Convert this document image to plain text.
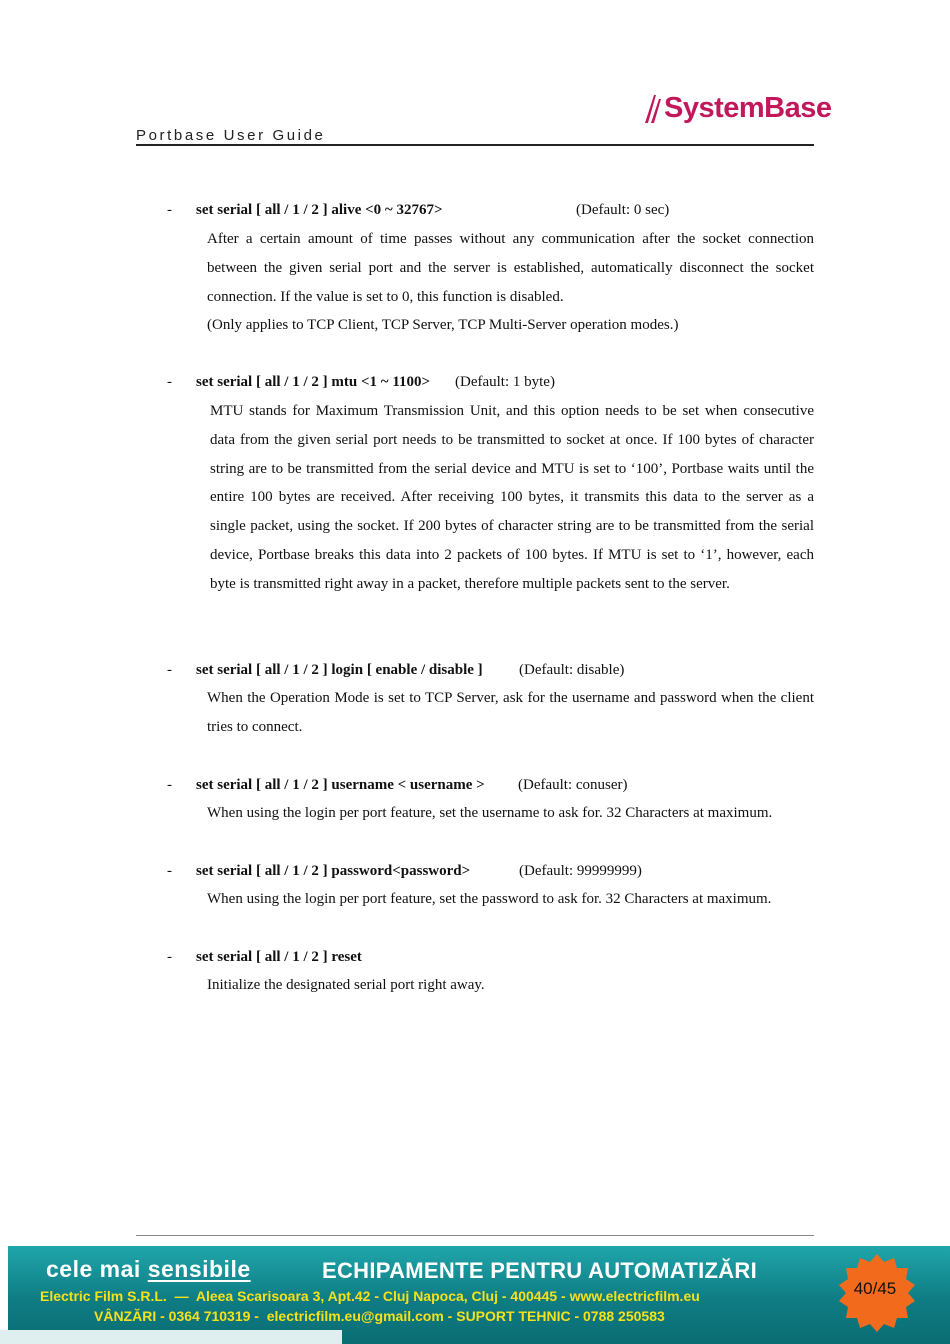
SystemBase
Portbase User Guide
- set serial [ all / 1 / 2 ] alive <0 ~ 32767>	(Default: 0 sec)

After a certain amount of time passes without any communication after the socket connection between the given serial port and the server is established, automatically disconnect the socket connection. If the value is set to 0, this function is disabled.

(Only applies to TCP Client, TCP Server, TCP Multi-Server operation modes.)

- set serial [ all / 1 / 2 ] mtu <1 ~ 1100> (Default: 1 byte)

MTU stands for Maximum Transmission Unit, and this option needs to be set when consecutive data from the given serial port needs to be transmitted to socket at once. If 100 bytes of character string are to be transmitted from the serial device and MTU is set to ‘100’, Portbase waits until the entire 100 bytes are received. After receiving 100 bytes, it transmits this data to the server as a single packet, using the socket. If 200 bytes of character string are to be transmitted from the serial device, Portbase breaks this data into 2 packets of 100 bytes. If MTU is set to ‘1’, however, each byte is transmitted right away in a packet, therefore multiple packets sent to the server.

- set serial [ all / 1 / 2 ] login [ enable / disable ] (Default: disable)

When the Operation Mode is set to TCP Server, ask for the username and password when the client tries to connect.

- set serial [ all / 1 / 2 ] username < username > (Default: conuser)

When using the login per port feature, set the username to ask for. 32 Characters at maximum.

- set serial [ all / 1 / 2 ] password<password>	(Default: 99999999)

When using the login per port feature, set the password to ask for. 32 Characters at maximum.

- set serial [ all / 1 / 2 ] reset

Initialize the designated serial port right away.

cele mai sensibile	ECHIPAMENTE PENTRU AUTOMATIZĂRI
Electric Film S.R.L.  —  Aleea Scarisoara 3, Apt.42 - Cluj Napoca, Cluj - 400445 - www.electricfilm.eu
VÂNZĂRI - 0364 710319 -  electricfilm.eu@gmail.com - SUPORT TEHNIC - 0788 250583
40/45
